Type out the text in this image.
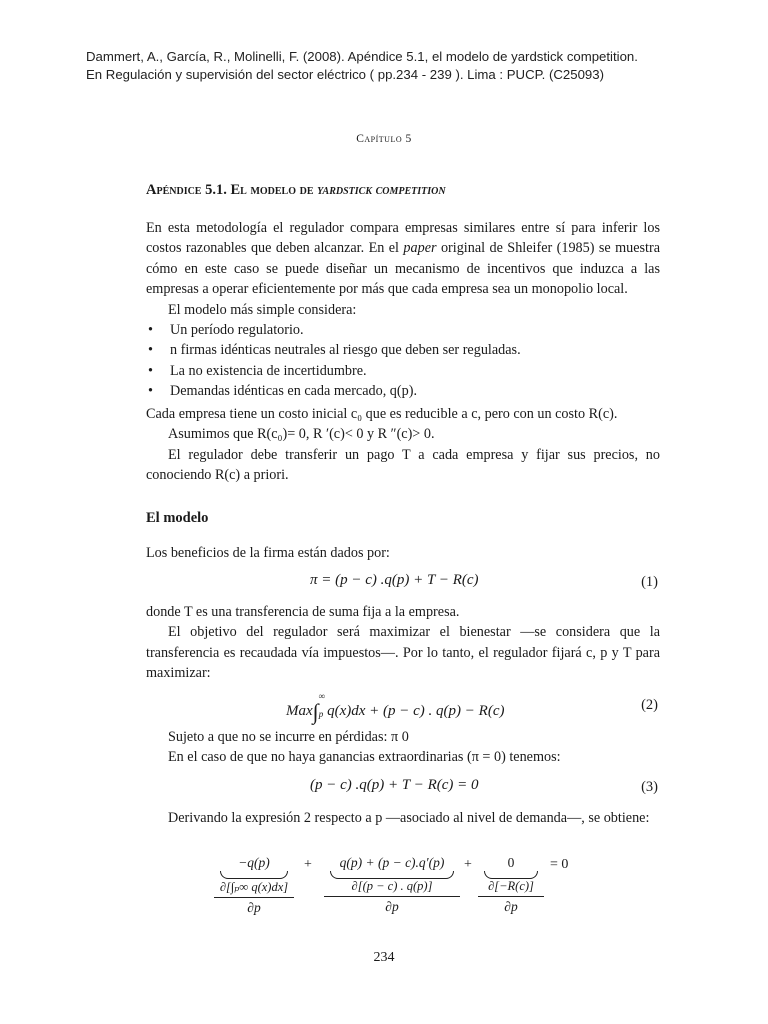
Dammert, A., García, R., Molinelli, F. (2008). Apéndice 5.1, el modelo de yardstick competition.
En Regulación y supervisión del sector eléctrico ( pp.234 - 239 ). Lima : PUCP. (C25093)
Capítulo 5
Apéndice 5.1. El modelo de yardstick competition

En esta metodología el regulador compara empresas similares entre sí para inferir los costos razonables que deben alcanzar. En el paper original de Shleifer (1985) se muestra cómo en este caso se puede diseñar un mecanismo de incentivos que induzca a las empresas a operar eficientemente por más que cada empresa sea un monopolio local.

El modelo más simple considera:

• Un período regulatorio.
• n firmas idénticas neutrales al riesgo que deben ser reguladas.
• La no existencia de incertidumbre.
• Demandas idénticas en cada mercado, q(p).

Cada empresa tiene un costo inicial c₀ que es reducible a c, pero con un costo R(c).

Asumimos que R(c₀)= 0, R ′(c)< 0 y R ″(c)> 0.

El regulador debe transferir un pago T a cada empresa y fijar sus precios, no conociendo R(c) a priori.

El modelo
Los beneficios de la firma están dados por:
π = (p − c) .q(p) + T − R(c)	(1)

donde T es una transferencia de suma fija a la empresa.

El objetivo del regulador será maximizar el bienestar —se considera que la transferencia es recaudada vía impuestos—. Por lo tanto, el regulador fijará c, p y T para maximizar:

Max∫
∞
p q(x)dx + (p − c) . q(p) − R(c)	(2)

Sujeto a que no se incurre en pérdidas: π 0

En el caso de que no haya ganancias extraordinarias (π = 0) tenemos:

(p − c) .q(p) + T − R(c) = 0	(3)

Derivando la expresión 2 respecto a p —asociado al nivel de demanda—, se obtiene:

−q(p)
∂[∫ₚ∞ q(x)dx]
∂p
+	q(p) + (p − c).q′(p)
∂[(p − c) . q(p)]
∂p
+	0
∂[−R(c)]
∂p
= 0
234
